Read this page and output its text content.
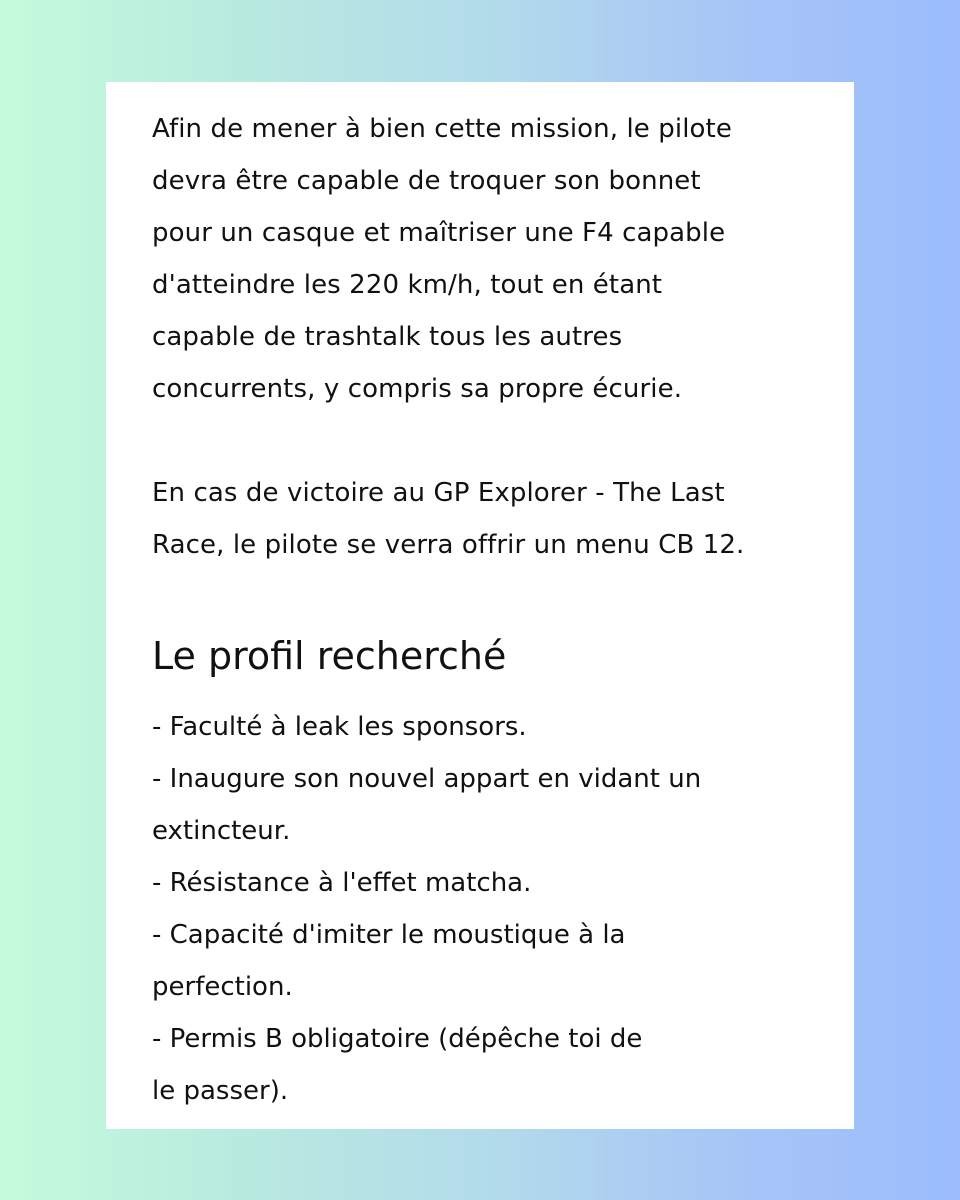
Afin de mener à bien cette mission, le pilote
devra être capable de troquer son bonnet
pour un casque et maîtriser une F4 capable
d'atteindre les 220 km/h, tout en étant
capable de trashtalk tous les autres
concurrents, y compris sa propre écurie.

En cas de victoire au GP Explorer - The Last
Race, le pilote se verra offrir un menu CB 12.

Le profil recherché
- Faculté à leak les sponsors.
- Inaugure son nouvel appart en vidant un
extincteur.
- Résistance à l'effet matcha.
- Capacité d'imiter le moustique à la
perfection.
- Permis B obligatoire (dépêche toi de
le passer).
